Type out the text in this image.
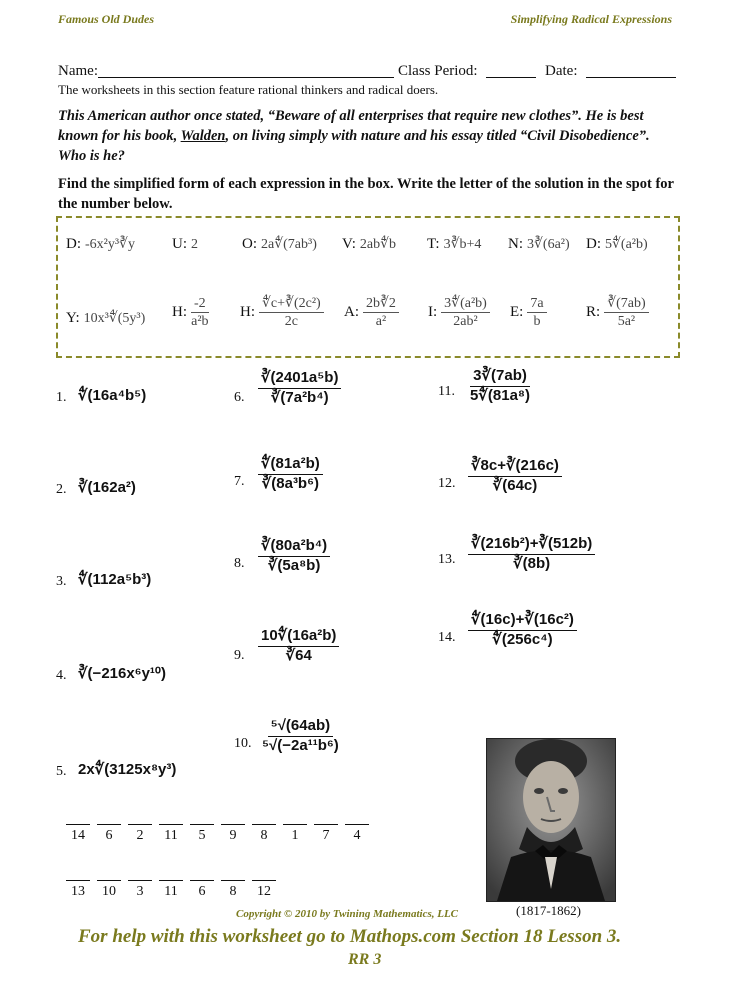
Famous Old Dudes	Simplifying Radical Expressions
Name:	Class Period:	Date:
The worksheets in this section feature rational thinkers and radical doers.
This American author once stated, “Beware of all enterprises that require new clothes”. He is best known for his book, Walden, on living simply with nature and his essay titled “Civil Disobedience”. Who is he?
Find the simplified form of each expression in the box. Write the letter of the solution in the spot for the number below.
D: -6x²y³∛y U: 2	O: 2a∜(7ab³) V: 2ab∜b T: 3∛b+4 N: 3∛(6a²) D: 5∜(a²b)
Y: 10x³∜(5y³) H: $\frac{-2}{\text{a²b}} H$: $\frac{\text{∜c+∛(2c²)}}{2c} A$: $\frac{2b∛2}{\text{a²}} I$: $\frac{\text{3∜(a²b)}}{\text{2ab²}} E$: $\frac{7a}{b}$	R: $\frac{∛(7ab)}{\text{5a²}}$
1. ∜(16a⁴b⁵)
2. ∛(162a²)
3. ∜(112a⁵b³)
4. ∛(−216x⁶y¹⁰)
5. 2x∜(3125x⁸y³)
6. $\frac{\text{∛(2401a⁵b)}}{\text{∛(7a²b⁴)}}$
7. $\frac{\text{∜(81a²b)}}{\text{∛(8a³b⁶)}}$
8. $\frac{\text{∛(80a²b⁴)}}{\text{∛(5a⁸b)}}$
9. $\frac{\text{10∜(16a²b)}}{∛64}$
10. $\frac{\text{⁵√(64ab)}}{\text{⁵√(−2a¹¹b⁶)}}$
11. $\frac{3∛(7ab)}{\text{5∜(81a⁸)}}$
12. $\frac{∛8c+∛(216c)}{∛(64c)}$
13. $\frac{\text{∛(216b²)+∛(512b)}}{∛(8b)}$
14. $\frac{\text{∜(16c)+∛(16c²)}}{\text{∜(256c⁴)}}$
14	6	2	11	5	9	8	1	7	4
13	10	3	11	6	8	12
(1817-1862)
Copyright © 2010 by Twining Mathematics, LLC
For help with this worksheet go to Mathops.com Section 18 Lesson 3.
RR 3
